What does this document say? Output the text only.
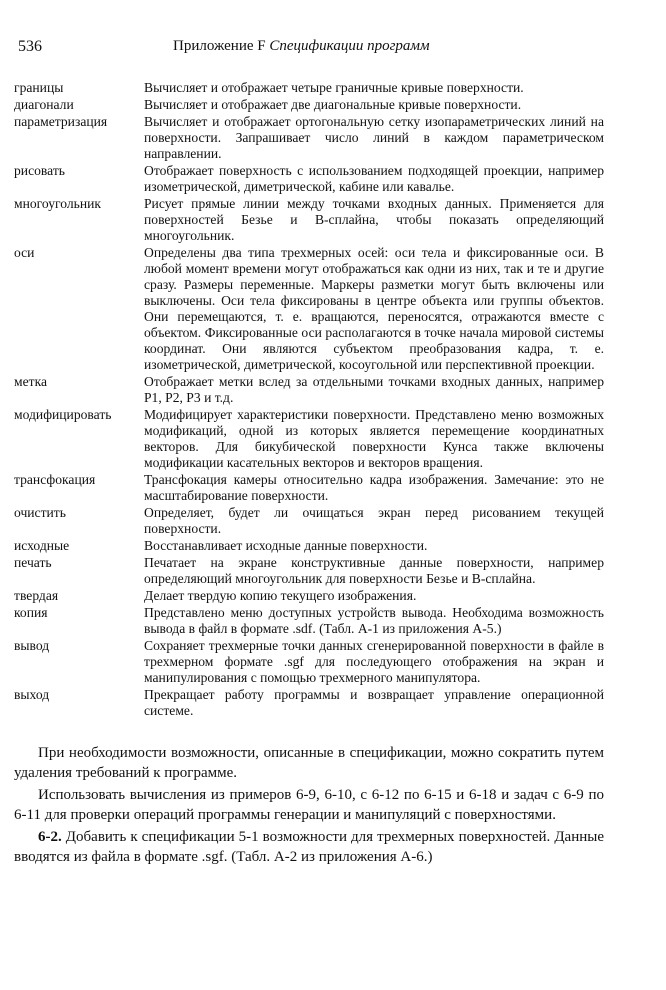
536	Приложение F Спецификации программ
границы	Вычисляет и отображает четыре граничные кривые поверхности.
диагонали	Вычисляет и отображает две диагональные кривые поверхности.
параметризация	Вычисляет и отображает ортогональную сетку изопараметрических линий на поверхности. Запрашивает число линий в каждом параметрическом направлении.
рисовать	Отображает поверхность с использованием подходящей проекции, например изометрической, диметрической, кабине или кавалье.
многоугольник	Рисует прямые линии между точками входных данных. Применяется для поверхностей Безье и B-сплайна, чтобы показать определяющий многоугольник.
оси	Определены два типа трехмерных осей: оси тела и фиксированные оси. В любой момент времени могут отображаться как одни из них, так и те и другие сразу. Размеры переменные. Маркеры разметки могут быть включены или выключены. Оси тела фиксированы в центре объекта или группы объектов. Они перемещаются, т. е. вращаются, переносятся, отражаются вместе с объектом. Фиксированные оси располагаются в точке начала мировой системы координат. Они являются субъектом преобразования кадра, т. е. изометрической, диметрической, косоугольной или перспективной проекции.
метка	Отображает метки вслед за отдельными точками входных данных, например P1, P2, P3 и т.д.
модифицировать	Модифицирует характеристики поверхности. Представлено меню возможных модификаций, одной из которых является перемещение координатных векторов. Для бикубической поверхности Кунса также включены модификации касательных векторов и векторов вращения.
трансфокация	Трансфокация камеры относительно кадра изображения. Замечание: это не масштабирование поверхности.
очистить	Определяет, будет ли очищаться экран перед рисованием текущей поверхности.
исходные	Восстанавливает исходные данные поверхности.
печать	Печатает на экране конструктивные данные поверхности, например определяющий многоугольник для поверхности Безье и B-сплайна.
твердая	Делает твердую копию текущего изображения.
копия	Представлено меню доступных устройств вывода. Необходима возможность вывода в файл в формате .sdf. (Табл. А-1 из приложения А-5.)
вывод	Сохраняет трехмерные точки данных сгенерированной поверхности в файле в трехмерном формате .sgf для последующего отображения на экран и манипулирования с помощью трехмерного манипулятора.
выход	Прекращает работу программы и возвращает управление операционной системе.

При необходимости возможности, описанные в спецификации, можно сократить путем удаления требований к программе.

Использовать вычисления из примеров 6-9, 6-10, с 6-12 по 6-15 и 6-18 и задач с 6-9 по 6-11 для проверки операций программы генерации и манипуляций с поверхностями.

6-2. Добавить к спецификации 5-1 возможности для трехмерных поверхностей. Данные вводятся из файла в формате .sgf. (Табл. А-2 из приложения А-6.)
